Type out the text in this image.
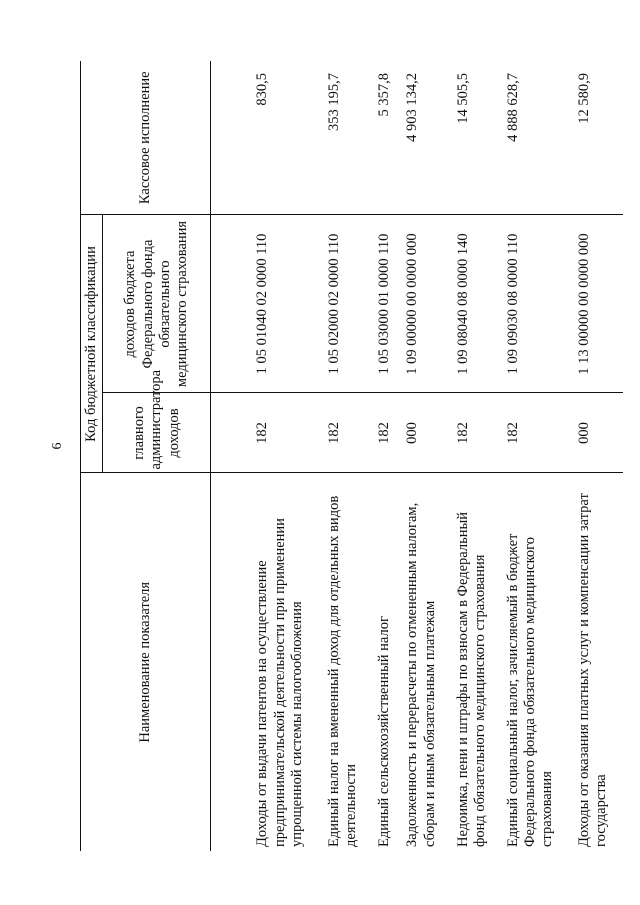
6
Наименование показателя	Код бюджетной классификации		Кассовое исполнение
	главного администратора доходов	доходов бюджета Федерального фонда обязательного медицинского страхования	

Доходы от выдачи патентов на осуществление предпринимательской деятельности при применении упрощенной системы налогообложения	182	1 05 01040 02 0000 110	830,5
Единый налог на вмененный доход для отдельных видов деятельности	182	1 05 02000 02 0000 110	353 195,7
Единый сельскохозяйственный налог	182	1 05 03000 01 0000 110	5 357,8
Задолженность и перерасчеты по отмененным налогам, сборам и иным обязательным платежам	000	1 09 00000 00 0000 000	4 903 134,2
Недоимка, пени и штрафы по взносам в Федеральный фонд обязательного медицинского страхования	182	1 09 08040 08 0000 140	14 505,5
Единый социальный налог, зачисляемый в бюджет Федерального фонда обязательного медицинского страхования	182	1 09 09030 08 0000 110	4 888 628,7
Доходы от оказания платных услуг и компенсации затрат государства	000	1 13 00000 00 0000 000	12 580,9
